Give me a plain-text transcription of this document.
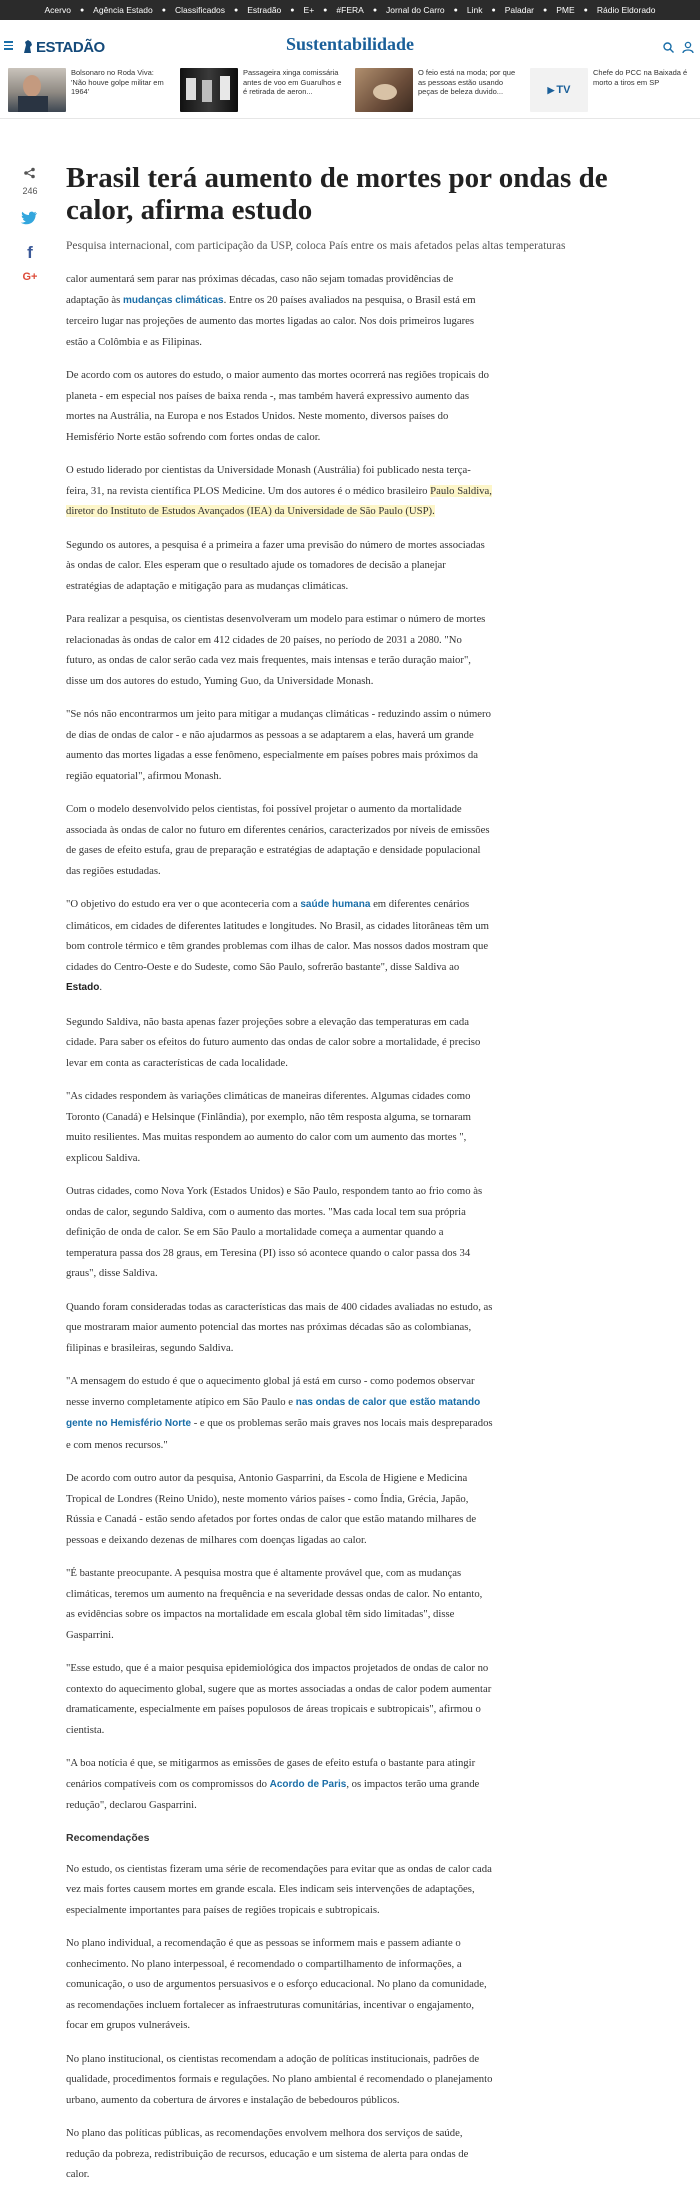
Acervo	●	Agência Estado	●	Classificados	●	Estradão	●	E+	●	#FERA	●	Jornal do Carro	●	Link	●	Paladar	●	PME	●	Rádio Eldorado
ESTADÃO	Sustentabilidade
Bolsonaro no Roda Viva: 'Não houve golpe militar em 1964'
Passageira xinga comissária antes de voo em Guarulhos e é retirada de aeron...
O feio está na moda; por que as pessoas estão usando peças de beleza duvido...	▶ TV
Chefe do PCC na Baixada é morto a tiros em SP
246
f
G+
Brasil terá aumento de mortes por ondas de calor, afirma estudo
Pesquisa internacional, com participação da USP, coloca País entre os mais afetados pelas altas temperaturas

calor aumentará sem parar nas próximas décadas, caso não sejam tomadas providências de adaptação às mudanças climáticas. Entre os 20 países avaliados na pesquisa, o Brasil está em terceiro lugar nas projeções de aumento das mortes ligadas ao calor. Nos dois primeiros lugares estão a Colômbia e as Filipinas.

De acordo com os autores do estudo, o maior aumento das mortes ocorrerá nas regiões tropicais do planeta - em especial nos países de baixa renda -, mas também haverá expressivo aumento das mortes na Austrália, na Europa e nos Estados Unidos. Neste momento, diversos países do Hemisfério Norte estão sofrendo com fortes ondas de calor.

O estudo liderado por cientistas da Universidade Monash (Austrália) foi publicado nesta terça-feira, 31, na revista científica PLOS Medicine. Um dos autores é o médico brasileiro Paulo Saldiva, diretor do Instituto de Estudos Avançados (IEA) da Universidade de São Paulo (USP).

Segundo os autores, a pesquisa é a primeira a fazer uma previsão do número de mortes associadas às ondas de calor. Eles esperam que o resultado ajude os tomadores de decisão a planejar estratégias de adaptação e mitigação para as mudanças climáticas.

Para realizar a pesquisa, os cientistas desenvolveram um modelo para estimar o número de mortes relacionadas às ondas de calor em 412 cidades de 20 países, no período de 2031 a 2080. "No futuro, as ondas de calor serão cada vez mais frequentes, mais intensas e terão duração maior", disse um dos autores do estudo, Yuming Guo, da Universidade Monash.

"Se nós não encontrarmos um jeito para mitigar a mudanças climáticas - reduzindo assim o número de dias de ondas de calor - e não ajudarmos as pessoas a se adaptarem a elas, haverá um grande aumento das mortes ligadas a esse fenômeno, especialmente em países pobres mais próximos da região equatorial", afirmou Monash.

Com o modelo desenvolvido pelos cientistas, foi possível projetar o aumento da mortalidade associada às ondas de calor no futuro em diferentes cenários, caracterizados por níveis de emissões de gases de efeito estufa, grau de preparação e estratégias de adaptação e densidade populacional das regiões estudadas.

"O objetivo do estudo era ver o que aconteceria com a saúde humana em diferentes cenários climáticos, em cidades de diferentes latitudes e longitudes. No Brasil, as cidades litorâneas têm um bom controle térmico e têm grandes problemas com ilhas de calor. Mas nossos dados mostram que cidades do Centro-Oeste e do Sudeste, como São Paulo, sofrerão bastante", disse Saldiva ao Estado.

Segundo Saldiva, não basta apenas fazer projeções sobre a elevação das temperaturas em cada cidade. Para saber os efeitos do futuro aumento das ondas de calor sobre a mortalidade, é preciso levar em conta as características de cada localidade.

"As cidades respondem às variações climáticas de maneiras diferentes. Algumas cidades como Toronto (Canadá) e Helsinque (Finlândia), por exemplo, não têm resposta alguma, se tornaram muito resilientes. Mas muitas respondem ao aumento do calor com um aumento das mortes ", explicou Saldiva.

Outras cidades, como Nova York (Estados Unidos) e São Paulo, respondem tanto ao frio como às ondas de calor, segundo Saldiva, com o aumento das mortes. "Mas cada local tem sua própria definição de onda de calor. Se em São Paulo a mortalidade começa a aumentar quando a temperatura passa dos 28 graus, em Teresina (PI) isso só acontece quando o calor passa dos 34 graus", disse Saldiva.

Quando foram consideradas todas as características das mais de 400 cidades avaliadas no estudo, as que mostraram maior aumento potencial das mortes nas próximas décadas são as colombianas, filipinas e brasileiras, segundo Saldiva.

"A mensagem do estudo é que o aquecimento global já está em curso - como podemos observar nesse inverno completamente atípico em São Paulo e nas ondas de calor que estão matando gente no Hemisfério Norte - e que os problemas serão mais graves nos locais mais despreparados e com menos recursos."

De acordo com outro autor da pesquisa, Antonio Gasparrini, da Escola de Higiene e Medicina Tropical de Londres (Reino Unido), neste momento vários países - como Índia, Grécia, Japão, Rússia e Canadá - estão sendo afetados por fortes ondas de calor que estão matando milhares de pessoas e deixando dezenas de milhares com doenças ligadas ao calor.

"É bastante preocupante. A pesquisa mostra que é altamente provável que, com as mudanças climáticas, teremos um aumento na frequência e na severidade dessas ondas de calor. No entanto, as evidências sobre os impactos na mortalidade em escala global têm sido limitadas", disse Gasparrini.

"Esse estudo, que é a maior pesquisa epidemiológica dos impactos projetados de ondas de calor no contexto do aquecimento global, sugere que as mortes associadas a ondas de calor podem aumentar dramaticamente, especialmente em países populosos de áreas tropicais e subtropicais", afirmou o cientista.

"A boa notícia é que, se mitigarmos as emissões de gases de efeito estufa o bastante para atingir cenários compatíveis com os compromissos do Acordo de Paris, os impactos terão uma grande redução", declarou Gasparrini.

Recomendações

No estudo, os cientistas fizeram uma série de recomendações para evitar que as ondas de calor cada vez mais fortes causem mortes em grande escala. Eles indicam seis intervenções de adaptações, especialmente importantes para países de regiões tropicais e subtropicais.

No plano individual, a recomendação é que as pessoas se informem mais e passem adiante o conhecimento. No plano interpessoal, é recomendado o compartilhamento de informações, a comunicação, o uso de argumentos persuasivos e o esforço educacional. No plano da comunidade, as recomendações incluem fortalecer as infraestruturas comunitárias, incentivar o engajamento, focar em grupos vulneráveis.

No plano institucional, os cientistas recomendam a adoção de políticas institucionais, padrões de qualidade, procedimentos formais e regulações. No plano ambiental é recomendado o planejamento urbano, aumento da cobertura de árvores e instalação de bebedouros públicos.

No plano das políticas públicas, as recomendações envolvem melhora dos serviços de saúde, redução da pobreza, redistribuição de recursos, educação e um sistema de alerta para ondas de calor.
